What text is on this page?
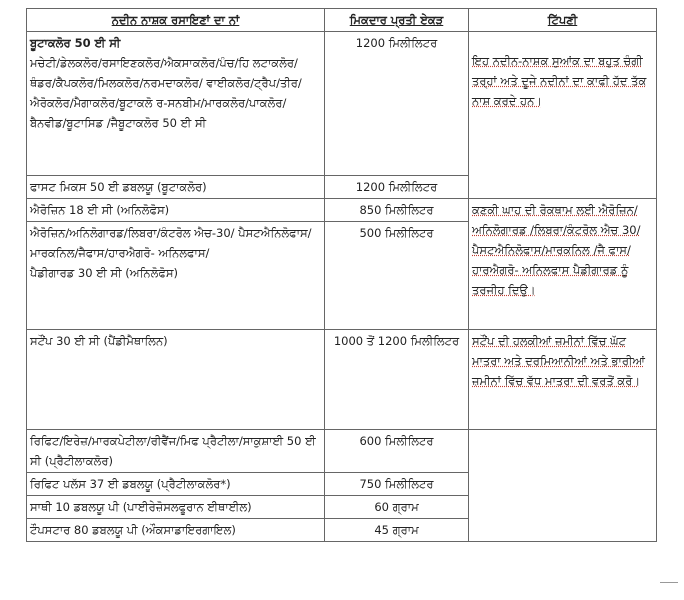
ਨਦੀਨ ਨਾਸ਼ਕ ਰਸਾਇਣਾਂ ਦਾ ਨਾਂ	ਮਿਕਦਾਰ ਪ੍ਰਤੀ ਏਕੜ	ਟਿੱਪਣੀ

ਬੂਟਾਕਲੋਰ 50 ਈ ਸੀ
ਮਚੇਟੀ/ਡੇਲਕਲੋਰ/ਰਸਾਇਣਕਲੋਰ/ਐਕਸਾਕਲੋਰ/ਪੰਚ/ਹਿ ਲਟਾਕਲੋਰ/ਥੰਡਰ/ਕੈਪਕਲੋਰ/ਮਿਲਕਲੋਰ/ਨਰਮਦਾਕਲੋਰ/ ਵਾਈਕਲੋਰ/ਟ੍ਰੈਪ/ਤੀਰ/ਐਰੋਕਲੋਰ/ਮੈਗਾਕਲੋਰ/ਬੂਟਾਕਲੋ ਰ-ਸਨਬੀਮ/ਮਾਰਕਲੋਰ/ਪਾਕਲੋਰ/ਬੈਨਵੀਡ/ਬੂਟਾਸਿਡ /ਜੈਬੂਟਾਕਲੋਰ 50 ਈ ਸੀ	1200 ਮਿਲੀਲਿਟਰ	ਇਹ ਨਦੀਨ-ਨਾਸ਼ਕ ਸੁਆਂਕ ਦਾ ਬਹੁਤ ਚੰਗੀ ਤਰ੍ਹਾਂ ਅਤੇ ਦੂਜੇ ਨਦੀਨਾਂ ਦਾ ਕਾਫੀ ਹੱਦ ਤੱਕ ਨਾਸ਼ ਕਰਦੇ ਹਨ।

ਫਾਸਟ ਮਿਕਸ 50 ਈ ਡਬਲਯੂ (ਬੂਟਾਕਲੋਰ)	1200 ਮਿਲੀਲਿਟਰ	
ਐਰੋਜ਼ਿਨ 18 ਈ ਸੀ (ਅਨਿਲੋਫੋਸ)	850 ਮਿਲੀਲਿਟਰ	ਕਣਕੀ ਘਾਹ ਦੀ ਰੋਕਥਾਮ ਲਈ ਐਰੋਜ਼ਿਨ/ਅਨਿਲੋਗਾਰਡ /ਲਿਬਰਾ/ਕੰਟਰੋਲ ਐਚ 30/ ਪੈਸਟਐਨਿਲੋਫਾਸ/ਮਾਰਕਨਿਲ /ਜੈ ਫਾਸ/ਹਾਰਐਗਰੋ- ਅਨਿਲਫਾਸ ਪੈਡੀਗਾਰਡ ਨੂੰ ਤਰਜੀਹ ਦਿਉ।

ਐਰੋਜ਼ਿਨ/ਅਨਿਲੋਗਾਰਡ/ਲਿਬਰਾ/ਕੰਟਰੋਲ ਐਚ-30/ ਪੈਸਟਐਨਿਲੋਫਾਸ/ਮਾਰਕਨਿਲ/ਜੈਫਾਸ/ਹਾਰਐਗਰੋ- ਅਨਿਲਫਾਸ/
ਪੈਡੀਗਾਰਡ 30 ਈ ਸੀ (ਅਨਿਲੋਫੋਸ)	500 ਮਿਲੀਲਿਟਰ	
ਸਟੌਂਪ 30 ਈ ਸੀ (ਪੈਂਡੀਮੈਥਾਲਿਨ)	1000 ਤੋਂ 1200 ਮਿਲੀਲਿਟਰ	ਸਟੌਂਪ ਦੀ ਹਲਕੀਆਂ ਜ਼ਮੀਨਾਂ ਵਿੱਚ ਘੱਟ ਮਾਤਰਾ ਅਤੇ ਦਰਮਿਆਨੀਆਂ ਅਤੇ ਭਾਰੀਆਂ ਜ਼ਮੀਨਾਂ ਵਿੱਚ ਵੱਧ ਮਾਤਰਾ ਦੀ ਵਰਤੋਂ ਕਰੋ।

ਰਿਫਿਟ/ਇਰੇਜ਼/ਮਾਰਕਪੇਟੀਲਾ/ਰੀਵੈਂਜ/ਮਿਫ ਪ੍ਰੈਟੀਲਾ/ਸਾਕੁਸ਼ਾਈ 50 ਈ ਸੀ (ਪ੍ਰੈਟੀਲਾਕਲੋਰ)	600 ਮਿਲੀਲਿਟਰ	
ਰਿਫਿਟ ਪਲੱਸ 37 ਈ ਡਬਲਯੂ (ਪ੍ਰੈਟੀਲਾਕਲੋਰ*)	750 ਮਿਲੀਲਿਟਰ	
ਸਾਥੀ 10 ਡਬਲਯੂ ਪੀ (ਪਾਈਰੇਜ਼ੋਸਲਫੂਰਾਨ ਈਥਾਈਲ)	60 ਗ੍ਰਾਮ	
ਟੌਪਸਟਾਰ 80 ਡਬਲਯੂ ਪੀ (ਔਕਸਾਡਾਇਰਗਾਇਲ)	45 ਗ੍ਰਾਮ	
